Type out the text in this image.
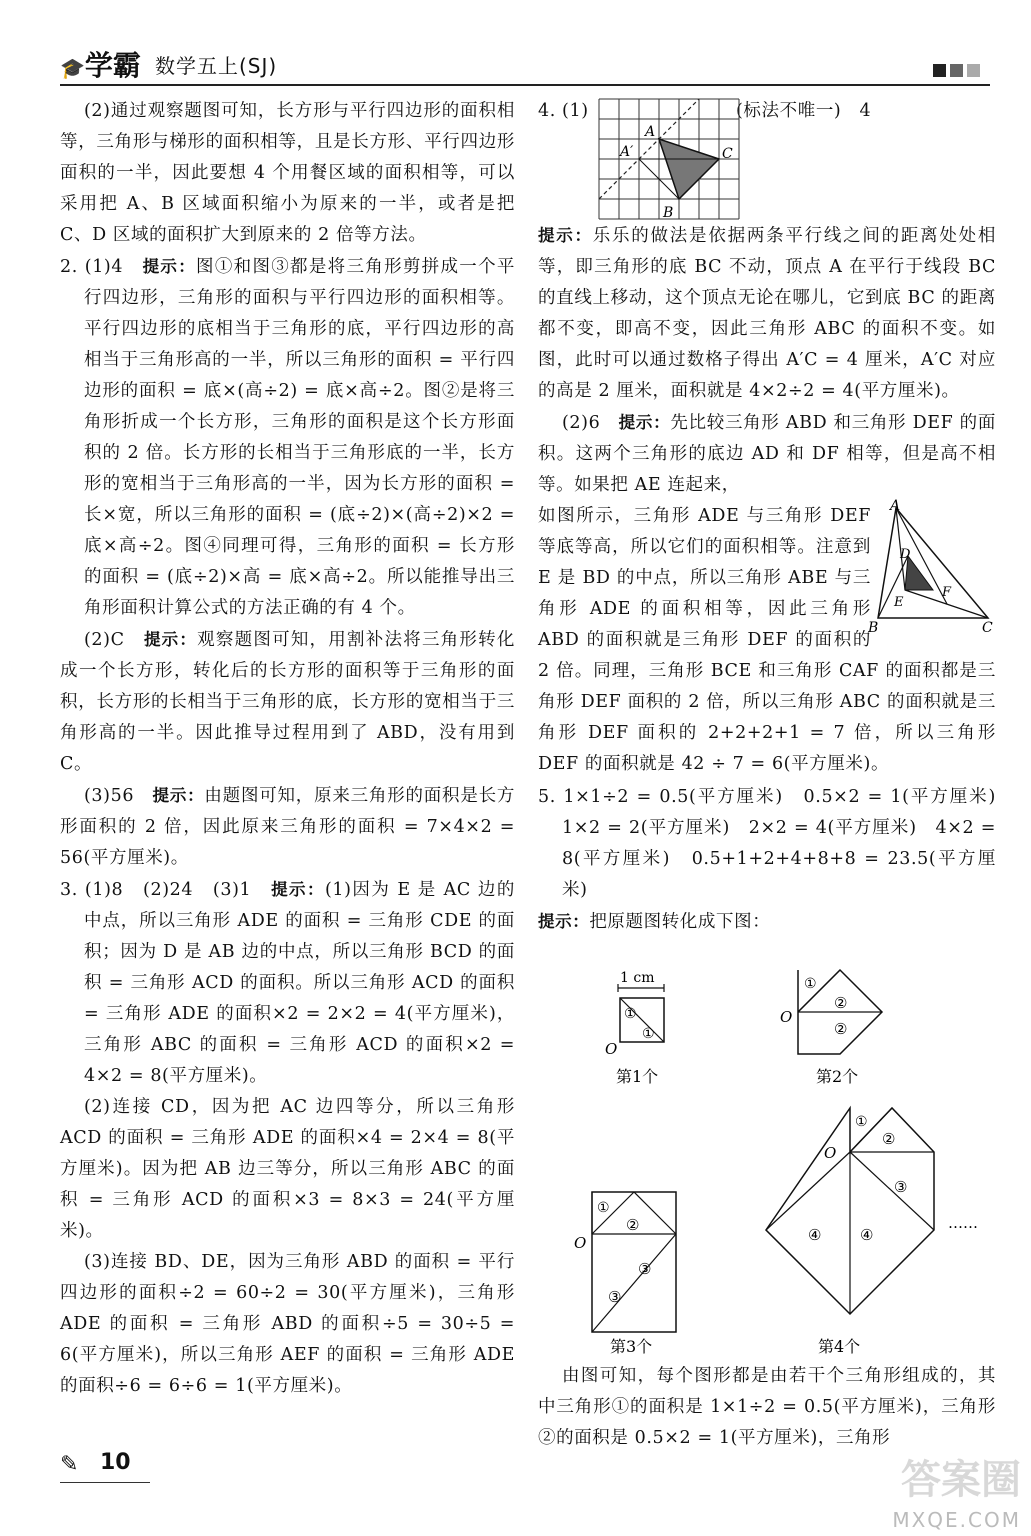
🎓学霸 数学五上(SJ)

(2)通过观察题图可知，长方形与平行四边形的面积相等，三角形与梯形的面积相等，且是长方形、平行四边形面积的一半，因此要想 4 个用餐区域的面积相等，可以采用把 A、B 区域面积缩小为原来的一半，或者是把 C、D 区域的面积扩大到原来的 2 倍等方法。

2. (1)4　提示：图①和图③都是将三角形剪拼成一个平行四边形，三角形的面积与平行四边形的面积相等。平行四边形的底相当于三角形的底，平行四边形的高相当于三角形高的一半，所以三角形的面积 = 平行四边形的面积 = 底×(高÷2) = 底×高÷2。图②是将三角形折成一个长方形，三角形的面积是这个长方形面积的 2 倍。长方形的长相当于三角形底的一半，长方形的宽相当于三角形高的一半，因为长方形的面积 = 长×宽，所以三角形的面积 = (底÷2)×(高÷2)×2 = 底×高÷2。图④同理可得，三角形的面积 = 长方形的面积 = (底÷2)×高 = 底×高÷2。所以能推导出三角形面积计算公式的方法正确的有 4 个。

(2)C　提示：观察题图可知，用割补法将三角形转化成一个长方形，转化后的长方形的面积等于三角形的面积，长方形的长相当于三角形的底，长方形的宽相当于三角形高的一半。因此推导过程用到了 ABD，没有用到 C。

(3)56　提示：由题图可知，原来三角形的面积是长方形面积的 2 倍，因此原来三角形的面积 = 7×4×2 = 56(平方厘米)。

3. (1)8　(2)24　(3)1　提示：(1)因为 E 是 AC 边的中点，所以三角形 ADE 的面积 = 三角形 CDE 的面积；因为 D 是 AB 边的中点，所以三角形 BCD 的面积 = 三角形 ACD 的面积。所以三角形 ACD 的面积 = 三角形 ADE 的面积×2 = 2×2 = 4(平方厘米)，三角形 ABC 的面积 = 三角形 ACD 的面积×2 = 4×2 = 8(平方厘米)。

(2)连接 CD，因为把 AC 边四等分，所以三角形 ACD 的面积 = 三角形 ADE 的面积×4 = 2×4 = 8(平方厘米)。因为把 AB 边三等分，所以三角形 ABC 的面积 = 三角形 ACD 的面积×3 = 8×3 = 24(平方厘米)。

(3)连接 BD、DE，因为三角形 ABD 的面积 = 平行四边形的面积÷2 = 60÷2 = 30(平方厘米)，三角形 ADE 的面积 = 三角形 ABD 的面积÷5 = 30÷5 = 6(平方厘米)，所以三角形 AEF 的面积 = 三角形 ADE 的面积÷6 = 6÷6 = 1(平方厘米)。

4. (1)	(标法不唯一)　4

提示：乐乐的做法是依据两条平行线之间的距离处处相等，即三角形的底 BC 不动，顶点 A 在平行于线段 BC 的直线上移动，这个顶点无论在哪儿，它到底 BC 的距离都不变，即高不变，因此三角形 ABC 的面积不变。如图，此时可以通过数格子得出 A′C = 4 厘米，A′C 对应的高是 2 厘米，面积就是 4×2÷2 = 4(平方厘米)。

(2)6　提示：先比较三角形 ABD 和三角形 DEF 的面积。这两个三角形的底边 AD 和 DF 相等，但是高不相等。如果把 AE 连起来，

如图所示，三角形 ADE 与三角形 DEF 等底等高，所以它们的面积相等。注意到 E 是 BD 的中点，所以三角形 ABE 与三角形 ADE 的面积相等，因此三角形 ABD 的面积就是三角形 DEF 的面积的 2 倍。同理，三角形 BCE 和三角形 CAF 的面积都是三角形 DEF 面积的 2 倍，所以三角形 ABC 的面积就是三角形 DEF 面积的 2+2+2+1 = 7 倍，所以三角形 DEF 的面积就是 42 ÷ 7 = 6(平方厘米)。

5. 1×1÷2 = 0.5(平方厘米)　0.5×2 = 1(平方厘米)　1×2 = 2(平方厘米)　2×2 = 4(平方厘米)　4×2 = 8(平方厘米)　0.5+1+2+4+8+8 = 23.5(平方厘米)

提示：把原题图转化成下图：

由图可知，每个图形都是由若干个三角形组成的，其中三角形①的面积是 1×1÷2 = 0.5(平方厘米)，三角形②的面积是 0.5×2 = 1(平方厘米)，三角形

A
A′	C
B
A
B	C
D
E
F
1 cm
①
①
O
第1个
①
②
②
O
第2个
①
②
③
③
O
第3个
①
②
③
④	④
O
……
第4个
✎ 10	答案圈
MXQE.COM
